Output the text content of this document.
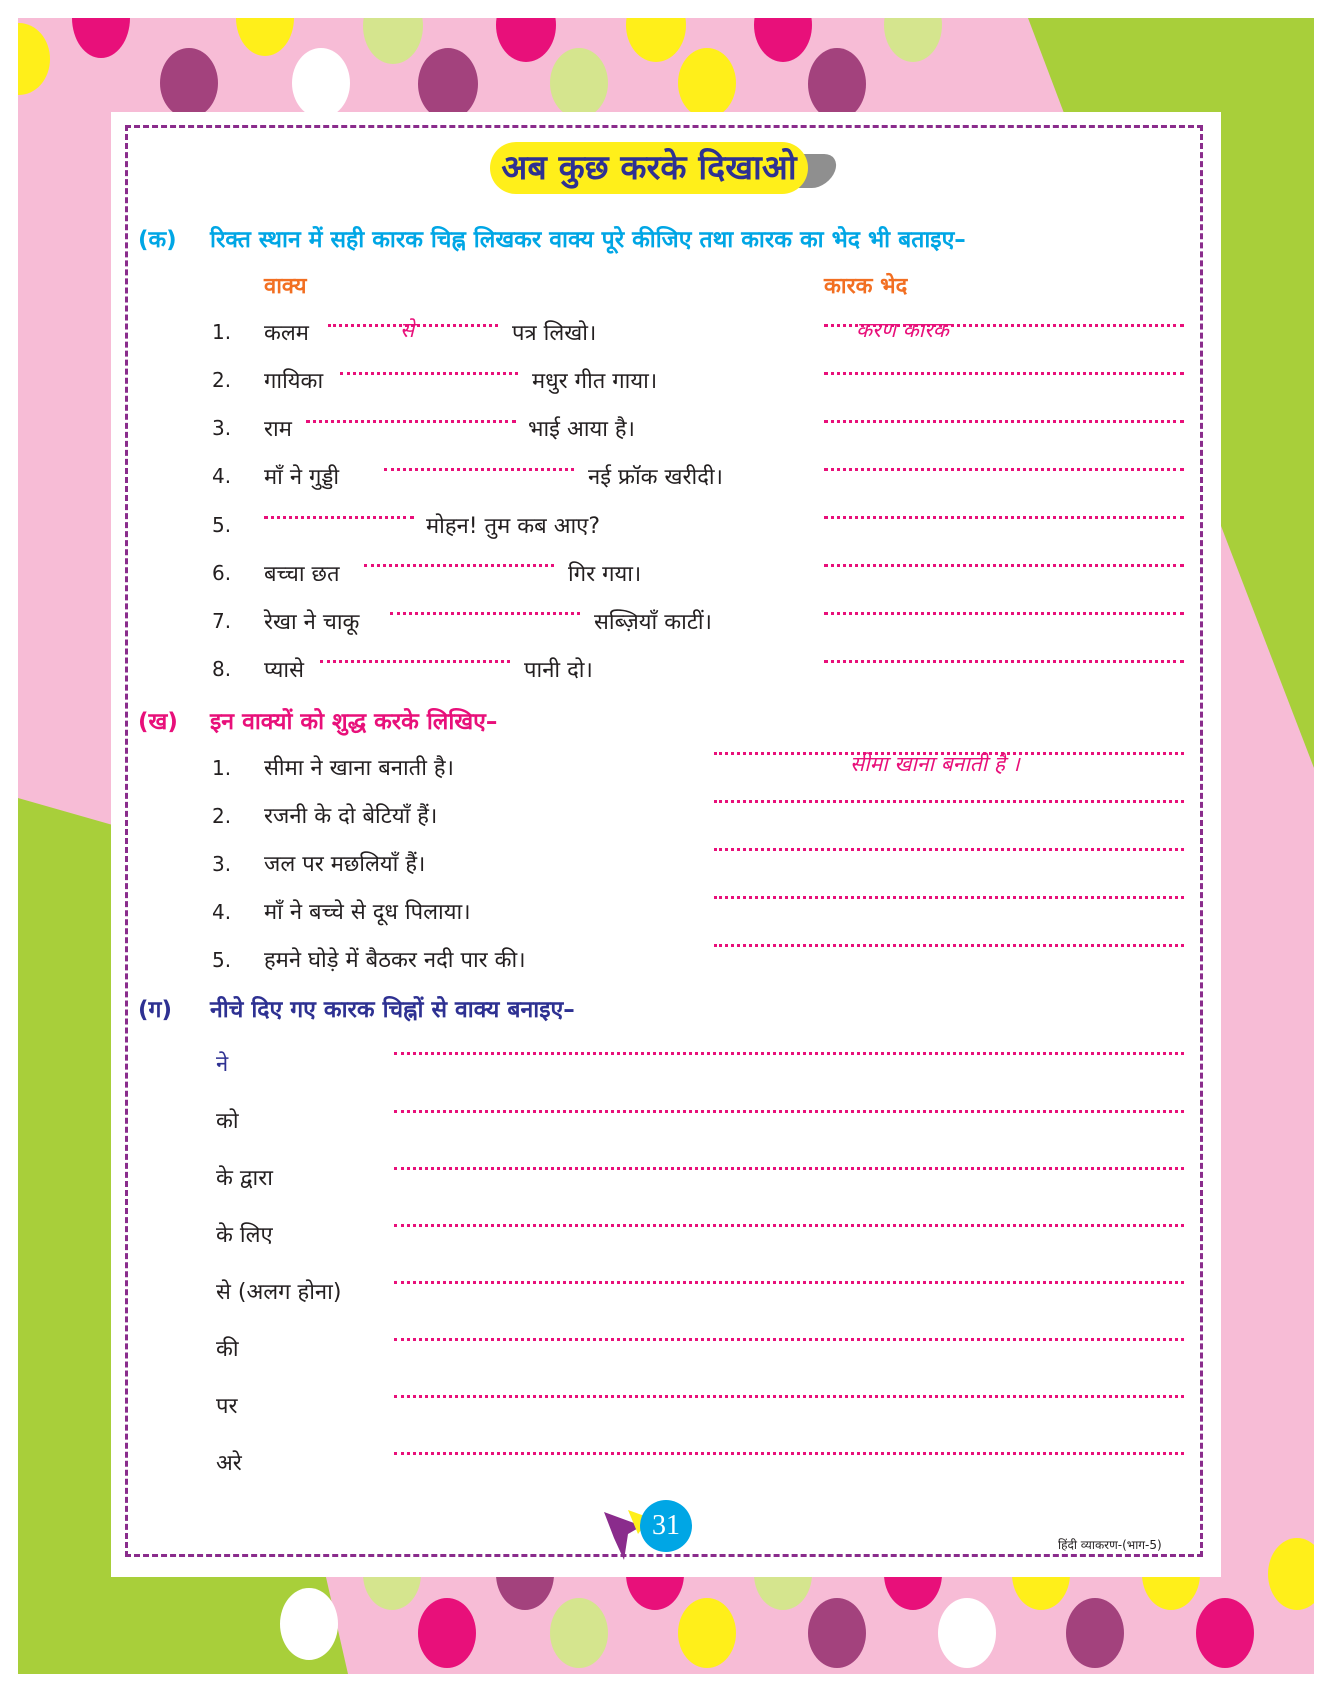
अब कुछ करके दिखाओ
(क) रिक्त स्थान में सही कारक चिह्न लिखकर वाक्य पूरे कीजिए तथा कारक का भेद भी बताइए–
वाक्य	कारक भेद
1. कलम	से	पत्र लिखो।	करण कारक
2. गायिका	मधुर गीत गाया।
3. राम	भाई आया है।
4. माँ ने गुड्डी	नई फ्रॉक खरीदी।
5.	मोहन! तुम कब आए?
6. बच्चा छत	गिर गया।
7. रेखा ने चाकू	सब्ज़ियाँ काटीं।
8. प्यासे	पानी दो।
(ख) इन वाक्यों को शुद्ध करके लिखिए–
1. सीमा ने खाना बनाती है।	सीमा खाना बनाती है ।
2. रजनी के दो बेटियाँ हैं।
3. जल पर मछलियाँ हैं।
4. माँ ने बच्चे से दूध पिलाया।
5. हमने घोड़े में बैठकर नदी पार की।
(ग) नीचे दिए गए कारक चिह्नों से वाक्य बनाइए–
ने
को
के द्वारा
के लिए
से (अलग होना)
की
पर
अरे
31
हिंदी व्याकरण-(भाग-5)
